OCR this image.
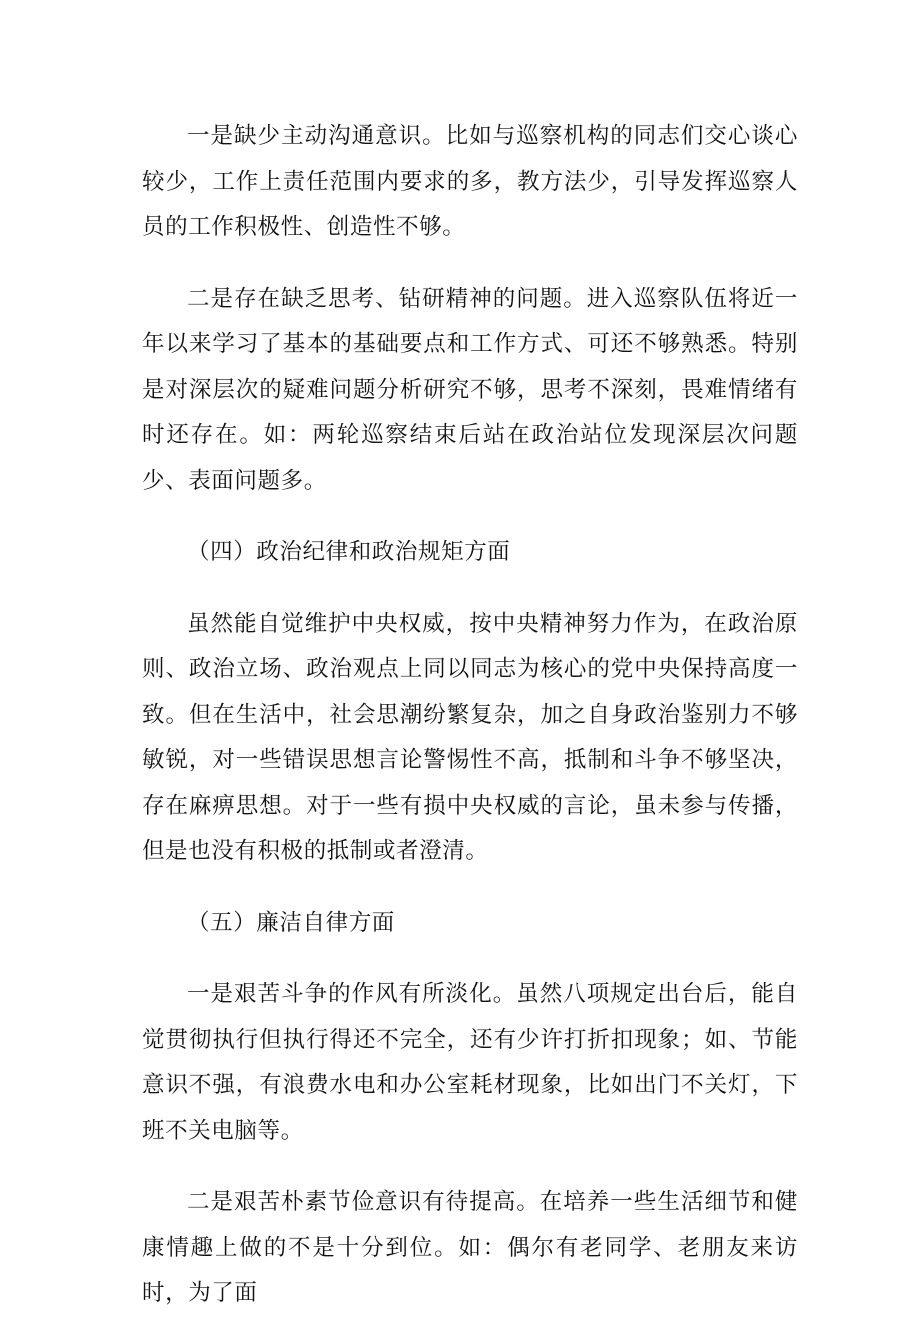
一是缺少主动沟通意识。比如与巡察机构的同志们交心谈心较少，工作上责任范围内要求的多，教方法少，引导发挥巡察人员的工作积极性、创造性不够。

二是存在缺乏思考、钻研精神的问题。进入巡察队伍将近一年以来学习了基本的基础要点和工作方式、可还不够熟悉。特别是对深层次的疑难问题分析研究不够，思考不深刻，畏难情绪有时还存在。如：两轮巡察结束后站在政治站位发现深层次问题少、表面问题多。

（四）政治纪律和政治规矩方面

虽然能自觉维护中央权威，按中央精神努力作为，在政治原则、政治立场、政治观点上同以同志为核心的党中央保持高度一致。但在生活中，社会思潮纷繁复杂，加之自身政治鉴别力不够敏锐，对一些错误思想言论警惕性不高，抵制和斗争不够坚决，存在麻痹思想。对于一些有损中央权威的言论，虽未参与传播，但是也没有积极的抵制或者澄清。

（五）廉洁自律方面

一是艰苦斗争的作风有所淡化。虽然八项规定出台后，能自觉贯彻执行但执行得还不完全，还有少许打折扣现象；如、节能意识不强，有浪费水电和办公室耗材现象，比如出门不关灯，下班不关电脑等。

二是艰苦朴素节俭意识有待提高。在培养一些生活细节和健康情趣上做的不是十分到位。如：偶尔有老同学、老朋友来访时，为了面
